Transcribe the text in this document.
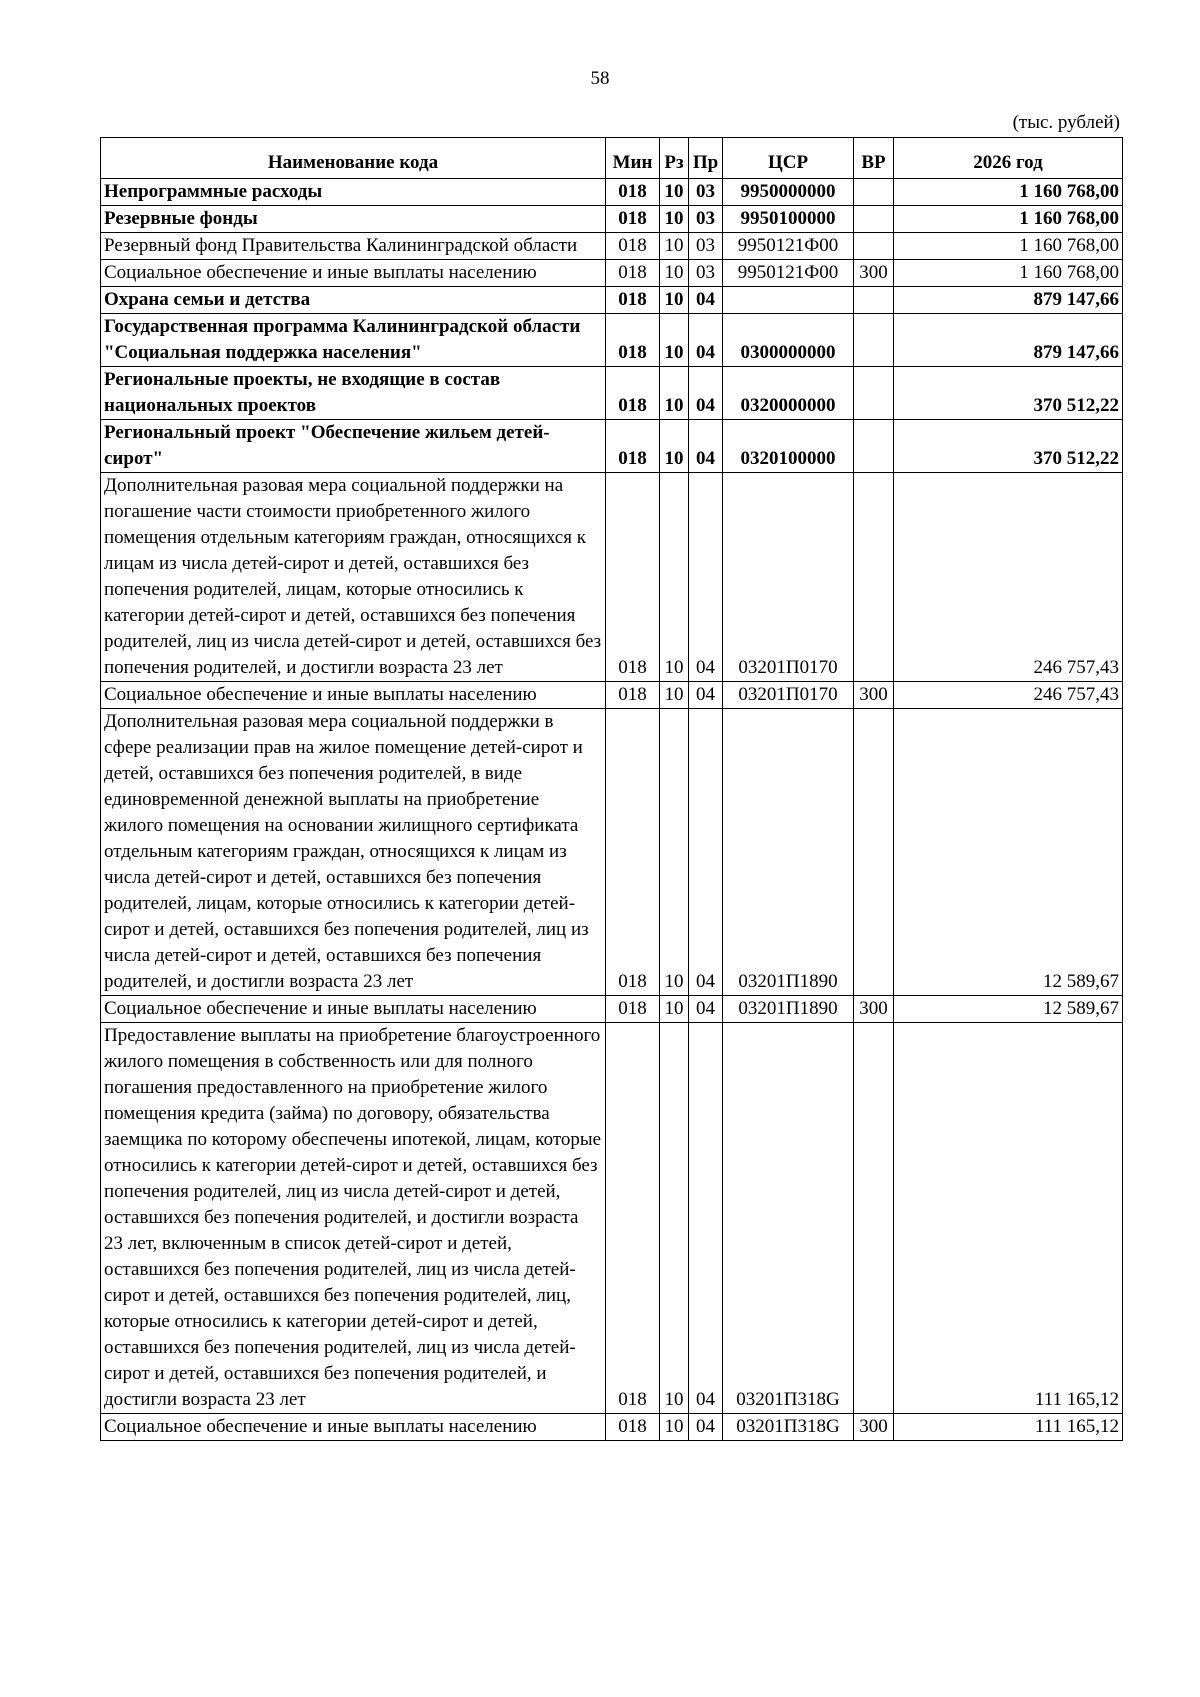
58
(тыс. рублей)
Наименование кода	Мин	Рз	Пр	ЦСР	ВР	2026 год
Непрограммные расходы	018	10	03	9950000000		1 160 768,00
Резервные фонды	018	10	03	9950100000		1 160 768,00
Резервный фонд Правительства Калининградской области	018	10	03	9950121Ф00		1 160 768,00
Социальное обеспечение и иные выплаты населению	018	10	03	9950121Ф00	300	1 160 768,00
Охрана семьи и детства	018	10	04			879 147,66
Государственная программа Калининградской области "Социальная поддержка населения"	018	10	04	0300000000		879 147,66
Региональные проекты, не входящие в состав национальных проектов	018	10	04	0320000000		370 512,22
Региональный проект "Обеспечение жильем детей-сирот"	018	10	04	0320100000		370 512,22
Дополнительная разовая мера социальной поддержки на погашение части стоимости приобретенного жилого помещения отдельным категориям граждан, относящихся к лицам из числа детей-сирот и детей, оставшихся без попечения родителей, лицам, которые относились к категории детей-сирот и детей, оставшихся без попечения родителей, лиц из числа детей-сирот и детей, оставшихся без попечения родителей, и достигли возраста 23 лет	018	10	04	03201П0170		246 757,43
Социальное обеспечение и иные выплаты населению	018	10	04	03201П0170	300	246 757,43
Дополнительная разовая мера социальной поддержки в сфере реализации прав на жилое помещение детей-сирот и детей, оставшихся без попечения родителей, в виде единовременной денежной выплаты на приобретение жилого помещения на основании жилищного сертификата отдельным категориям граждан, относящихся к лицам из числа детей-сирот и детей, оставшихся без попечения родителей, лицам, которые относились к категории детей-сирот и детей, оставшихся без попечения родителей, лиц из числа детей-сирот и детей, оставшихся без попечения родителей, и достигли возраста 23 лет	018	10	04	03201П1890		12 589,67
Социальное обеспечение и иные выплаты населению	018	10	04	03201П1890	300	12 589,67
Предоставление выплаты на приобретение благоустроенного жилого помещения в собственность или для полного погашения предоставленного на приобретение жилого помещения кредита (займа) по договору, обязательства заемщика по которому обеспечены ипотекой, лицам, которые относились к категории детей-сирот и детей, оставшихся без попечения родителей, лиц из числа детей-сирот и детей, оставшихся без попечения родителей, и достигли возраста 23 лет, включенным в список детей-сирот и детей, оставшихся без попечения родителей, лиц из числа детей-сирот и детей, оставшихся без попечения родителей, лиц, которые относились к категории детей-сирот и детей, оставшихся без попечения родителей, лиц из числа детей-сирот и детей, оставшихся без попечения родителей, и достигли возраста 23 лет	018	10	04	03201П318G		111 165,12
Социальное обеспечение и иные выплаты населению	018	10	04	03201П318G	300	111 165,12
